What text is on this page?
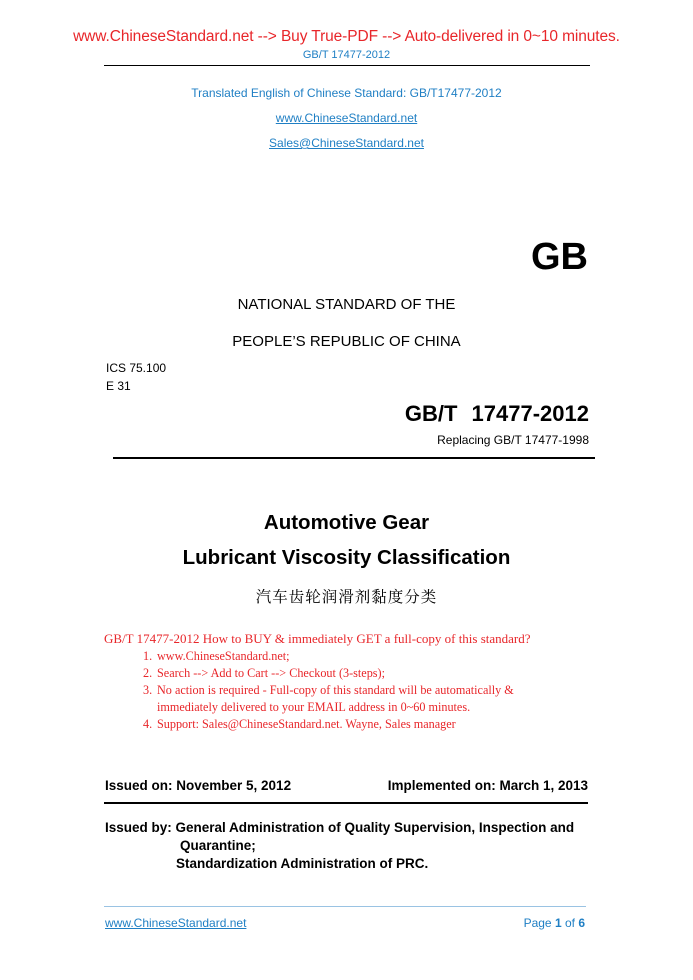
www.ChineseStandard.net --> Buy True-PDF --> Auto-delivered in 0~10 minutes.
GB/T 17477-2012
Translated English of Chinese Standard: GB/T17477-2012
www.ChineseStandard.net
Sales@ChineseStandard.net
GB
NATIONAL STANDARD OF THE
PEOPLE’S REPUBLIC OF CHINA
ICS 75.100
E 31
GB/T 17477-2012
Replacing GB/T 17477-1998
Automotive Gear
Lubricant Viscosity Classification
汽车齿轮润滑剂黏度分类
GB/T 17477-2012 How to BUY & immediately GET a full-copy of this standard?
1. www.ChineseStandard.net;
2. Search --> Add to Cart --> Checkout (3-steps);
3. No action is required - Full-copy of this standard will be automatically &
immediately delivered to your EMAIL address in 0~60 minutes.
4. Support: Sales@ChineseStandard.net. Wayne, Sales manager
Issued on: November 5, 2012	Implemented on: March 1, 2013
Issued by: General Administration of Quality Supervision, Inspection and
Quarantine;
Standardization Administration of PRC.
www.ChineseStandard.net	Page 1 of 6
